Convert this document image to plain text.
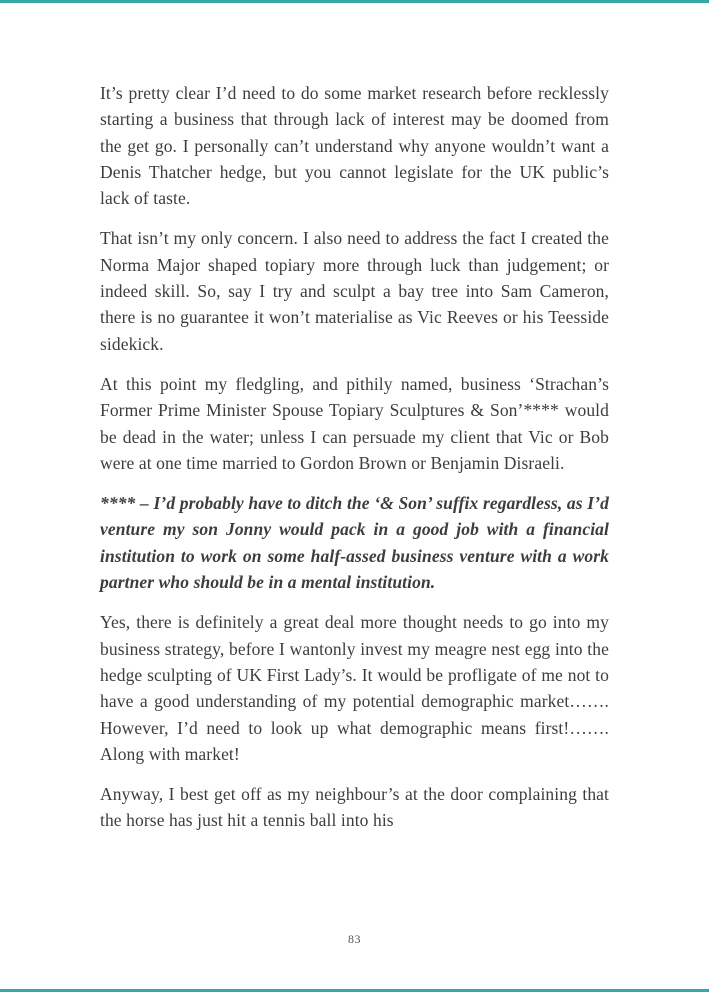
It’s pretty clear I’d need to do some market research before recklessly starting a business that through lack of interest may be doomed from the get go. I personally can’t understand why anyone wouldn’t want a Denis Thatcher hedge, but you cannot legislate for the UK public’s lack of taste.

That isn’t my only concern. I also need to address the fact I created the Norma Major shaped topiary more through luck than judgement; or indeed skill. So, say I try and sculpt a bay tree into Sam Cameron, there is no guarantee it won’t materialise as Vic Reeves or his Teesside sidekick.

At this point my fledgling, and pithily named, business ‘Strachan’s Former Prime Minister Spouse Topiary Sculptures & Son’**** would be dead in the water; unless I can persuade my client that Vic or Bob were at one time married to Gordon Brown or Benjamin Disraeli.

**** – I’d probably have to ditch the ‘& Son’ suffix regardless, as I’d venture my son Jonny would pack in a good job with a financial institution to work on some half-assed business venture with a work partner who should be in a mental institution.

Yes, there is definitely a great deal more thought needs to go into my business strategy, before I wantonly invest my meagre nest egg into the hedge sculpting of UK First Lady’s. It would be profligate of me not to have a good understanding of my potential demographic market……. However, I’d need to look up what demographic means first!……. Along with market!

Anyway, I best get off as my neighbour’s at the door complaining that the horse has just hit a tennis ball into his

83
